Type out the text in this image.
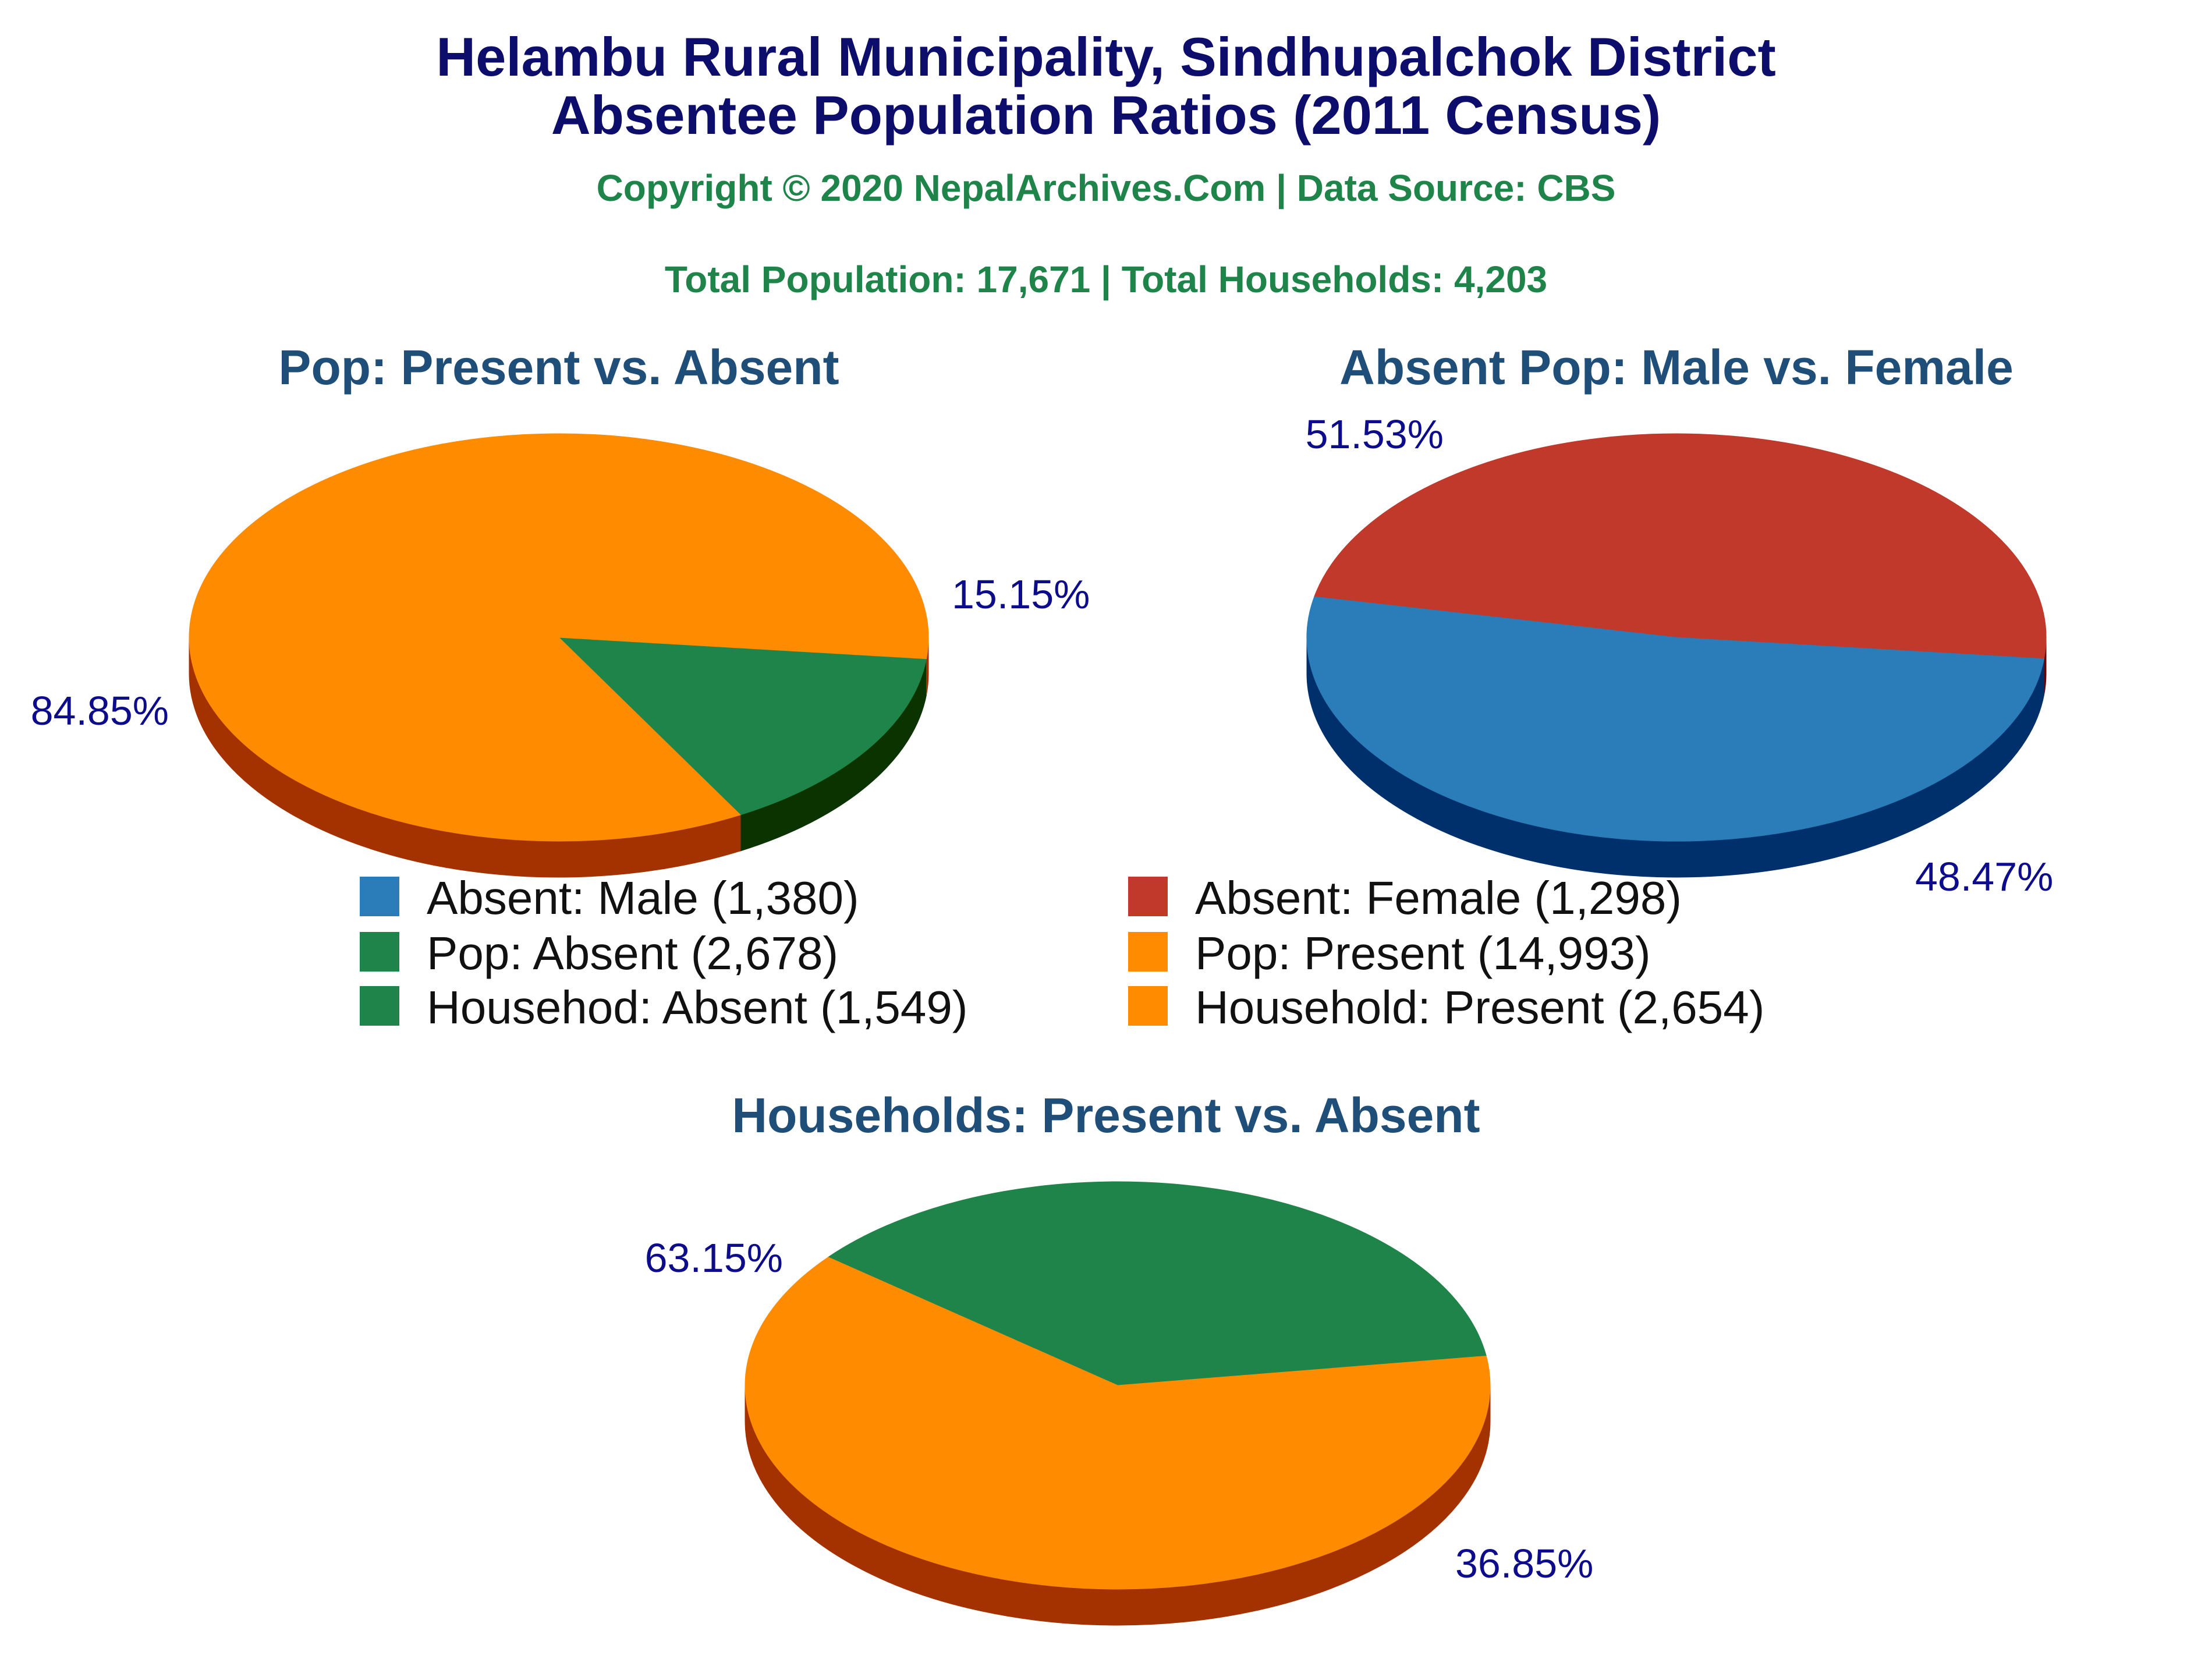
Helambu Rural Municipality, Sindhupalchok District
Absentee Population Ratios (2011 Census)
Copyright © 2020 NepalArchives.Com | Data Source: CBS
Total Population: 17,671 | Total Households: 4,203
Pop: Present vs. Absent	Absent Pop: Male vs. Female
Households: Present vs. Absent
15.15%
84.85%
48.47%
51.53%
36.85%
63.15%
Absent: Male (1,380)	Absent: Female (1,298)
Pop: Absent (2,678)	Pop: Present (14,993)
Househod: Absent (1,549)	Household: Present (2,654)
